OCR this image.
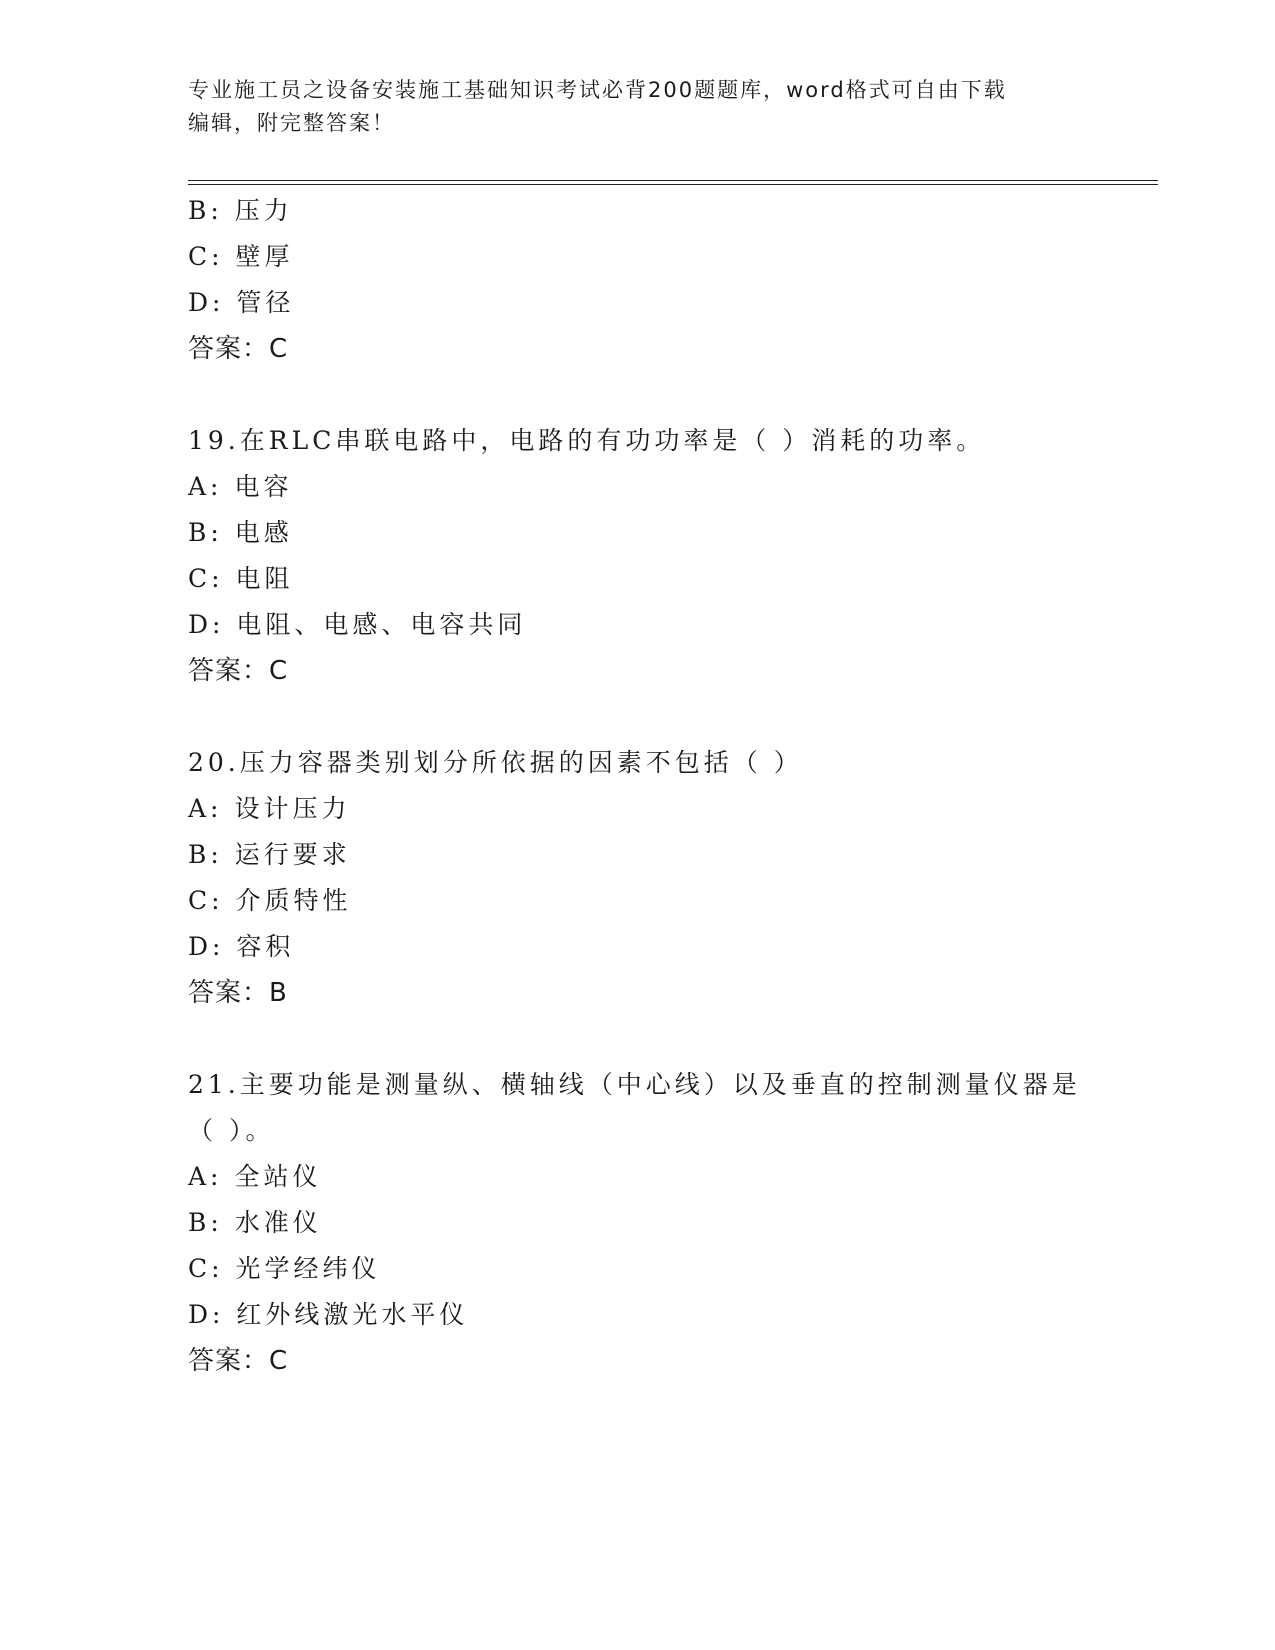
专业施工员之设备安装施工基础知识考试必背200题题库，word格式可自由下载
编辑，附完整答案！
B: 压力
C: 壁厚
D: 管径
答案：C
19.在RLC串联电路中，电路的有功功率是（ ）消耗的功率。
A: 电容
B: 电感
C: 电阻
D: 电阻、电感、电容共同
答案：C
20.压力容器类别划分所依据的因素不包括（ ）
A: 设计压力
B: 运行要求
C: 介质特性
D: 容积
答案：B
21.主要功能是测量纵、横轴线（中心线）以及垂直的控制测量仪器是
（ ）。
A: 全站仪
B: 水准仪
C: 光学经纬仪
D: 红外线激光水平仪
答案：C
